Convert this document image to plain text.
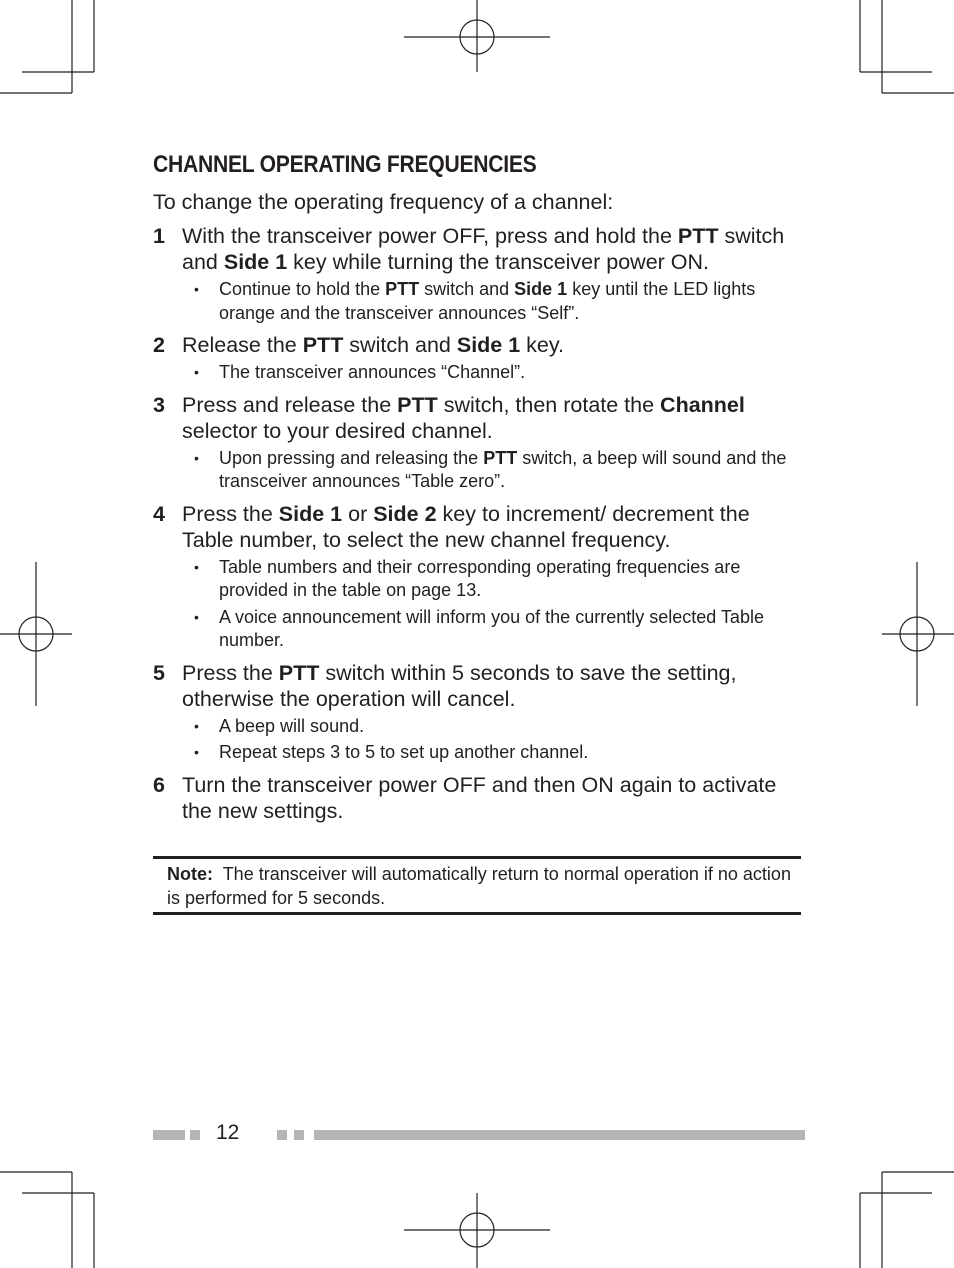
CHANNEL OPERATING FREQUENCIES

To change the operating frequency of a channel:

1 With the transceiver power OFF, press and hold the PTT switch and Side 1 key while turning the transceiver power ON.

• Continue to hold the PTT switch and Side 1 key until the LED lights orange and the transceiver announces “Self”.
2 Release the PTT switch and Side 1 key.

• The transceiver announces “Channel”.
3 Press and release the PTT switch, then rotate the Channel selector to your desired channel.

• Upon pressing and releasing the PTT switch, a beep will sound and the transceiver announces “Table zero”.
4 Press the Side 1 or Side 2 key to increment/ decrement the Table number, to select the new channel frequency.

• Table numbers and their corresponding operating frequencies are provided in the table on page 13.
• A voice announcement will inform you of the currently selected Table number.
5 Press the PTT switch within 5 seconds to save the setting, otherwise the operation will cancel.

• A beep will sound.
• Repeat steps 3 to 5 to set up another channel.
6 Turn the transceiver power OFF and then ON again to activate the new settings.

Note: The transceiver will automatically return to normal operation if no action is performed for 5 seconds.

12
